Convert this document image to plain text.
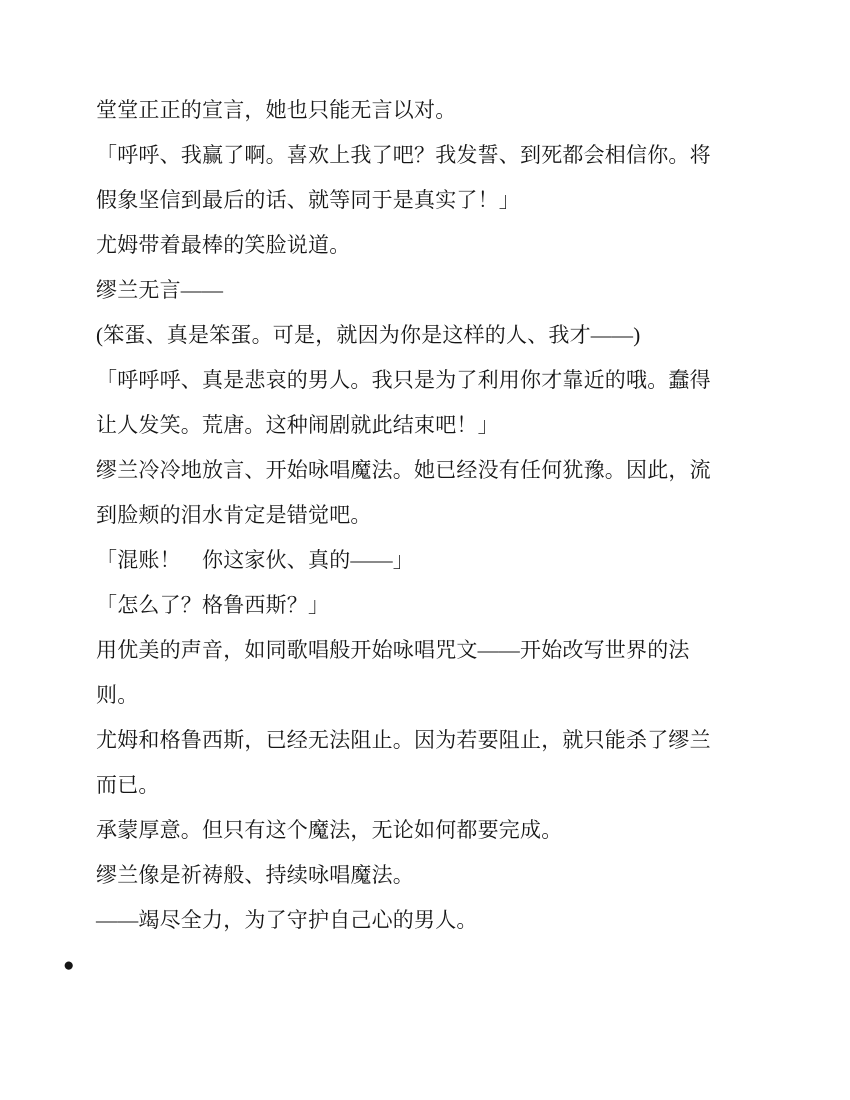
堂堂正正的宣言，她也只能无言以对。
「呼呼、我赢了啊。喜欢上我了吧？我发誓、到死都会相信你。将
假象坚信到最后的话、就等同于是真实了！」
尤姆带着最棒的笑脸说道。
缪兰无言——
(笨蛋、真是笨蛋。可是，就因为你是这样的人、我才——)
「呼呼呼、真是悲哀的男人。我只是为了利用你才靠近的哦。蠢得
让人发笑。荒唐。这种闹剧就此结束吧！」
缪兰冷冷地放言、开始咏唱魔法。她已经没有任何犹豫。因此，流
到脸颊的泪水肯定是错觉吧。
「混账！　你这家伙、真的——」
「怎么了？格鲁西斯？」
用优美的声音，如同歌唱般开始咏唱咒文——开始改写世界的法
则。
尤姆和格鲁西斯，已经无法阻止。因为若要阻止，就只能杀了缪兰
而已。
承蒙厚意。但只有这个魔法，无论如何都要完成。
缪兰像是祈祷般、持续咏唱魔法。
——竭尽全力，为了守护自己心的男人。
●
